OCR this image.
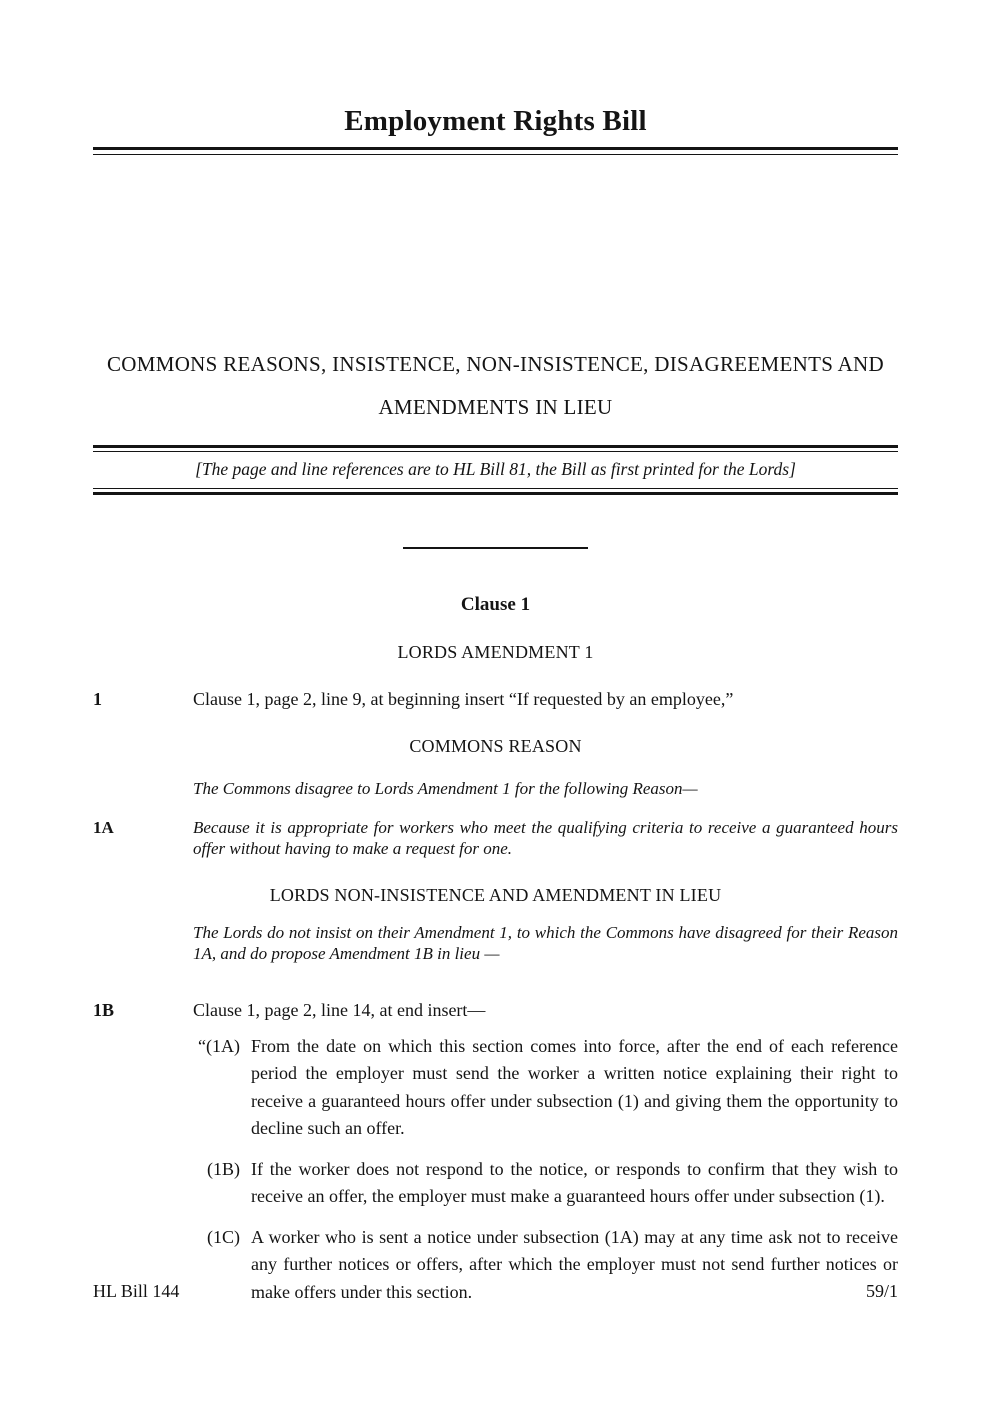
Employment Rights Bill
COMMONS REASONS, INSISTENCE, NON-INSISTENCE, DISAGREEMENTS AND
AMENDMENTS IN LIEU
[The page and line references are to HL Bill 81, the Bill as first printed for the Lords]
Clause 1
LORDS AMENDMENT 1
1	Clause 1, page 2, line 9, at beginning insert “If requested by an employee,”
COMMONS REASON
The Commons disagree to Lords Amendment 1 for the following Reason—
1A	Because it is appropriate for workers who meet the qualifying criteria to receive a guaranteed hours offer without having to make a request for one.
LORDS NON-INSISTENCE AND AMENDMENT IN LIEU
The Lords do not insist on their Amendment 1, to which the Commons have disagreed for their Reason 1A, and do propose Amendment 1B in lieu —
1B	Clause 1, page 2, line 14, at end insert—
“(1A) From the date on which this section comes into force, after the end of each reference period the employer must send the worker a written notice explaining their right to receive a guaranteed hours offer under subsection (1) and giving them the opportunity to decline such an offer.
(1B) If the worker does not respond to the notice, or responds to confirm that they wish to receive an offer, the employer must make a guaranteed hours offer under subsection (1).
(1C) A worker who is sent a notice under subsection (1A) may at any time ask not to receive any further notices or offers, after which the employer must not send further notices or make offers under this section.
HL Bill 144	59/1
